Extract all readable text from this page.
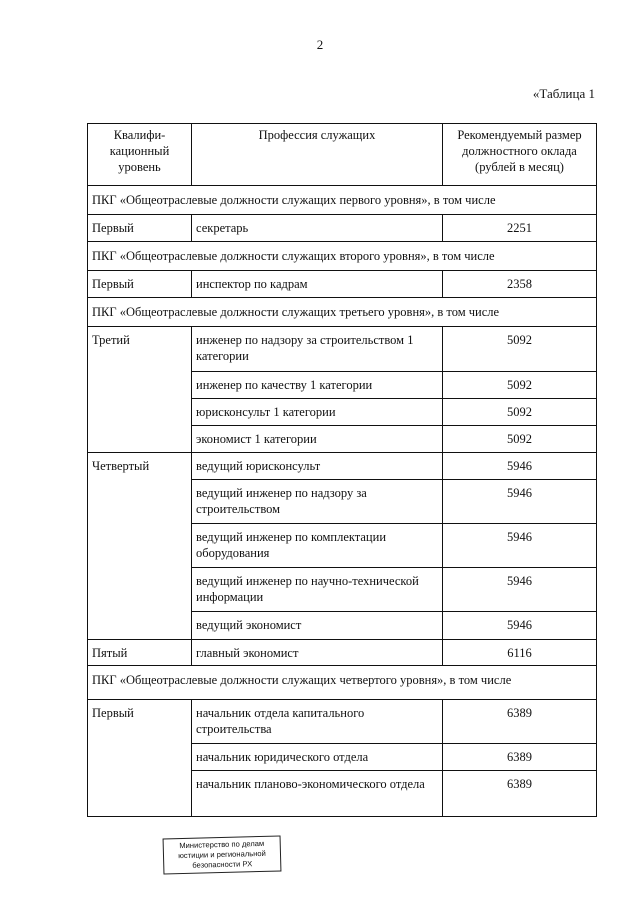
2
«Таблица 1
Квалифи-кационный уровень	Профессия служащих	Рекомендуемый размер должностного оклада (рублей в месяц)
ПКГ «Общеотраслевые должности служащих первого уровня», в том числе		
Первый	секретарь	2251
ПКГ «Общеотраслевые должности служащих второго уровня», в том числе		
Первый	инспектор по кадрам	2358
ПКГ «Общеотраслевые должности служащих третьего уровня», в том числе		
Третий	инженер по надзору за строительством 1 категории	5092
	инженер по качеству 1 категории	5092
	юрисконсульт 1 категории	5092
	экономист 1 категории	5092
Четвертый	ведущий юрисконсульт	5946
	ведущий инженер по надзору за строительством	5946
	ведущий инженер по комплектации оборудования	5946
	ведущий инженер по научно-технической информации	5946
	ведущий экономист	5946
Пятый	главный экономист	6116
ПКГ «Общеотраслевые должности служащих четвертого уровня», в том числе		
Первый	начальник отдела капитального строительства	6389
	начальник юридического отдела	6389
	начальник планово-экономического отдела	6389
Министерство по делам
юстиции и региональной
безопасности РХ
